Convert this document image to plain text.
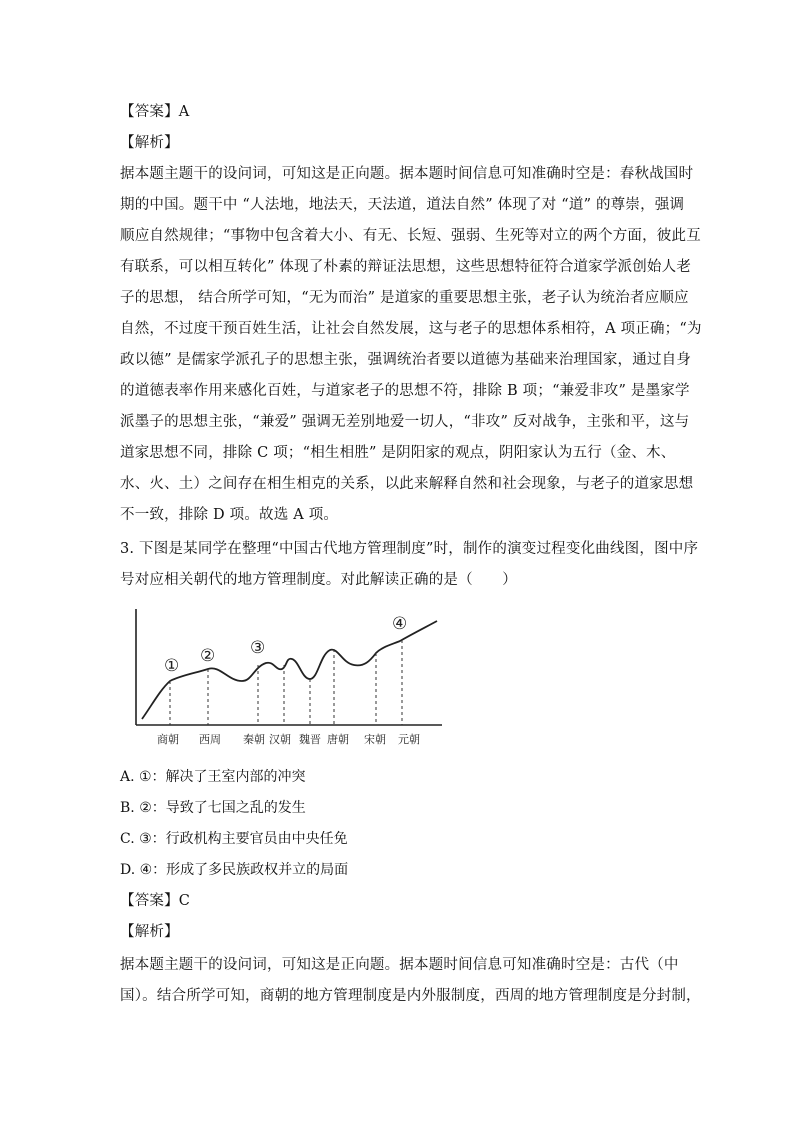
【答案】A
【解析】
据本题主题干的设问词，可知这是正向题。据本题时间信息可知准确时空是：春秋战国时
期的中国。题干中 “人法地，地法天，天法道，道法自然” 体现了对 “道” 的尊崇，强调
顺应自然规律；“事物中包含着大小、有无、长短、强弱、生死等对立的两个方面，彼此互
有联系，可以相互转化” 体现了朴素的辩证法思想，这些思想特征符合道家学派创始人老
子的思想， 结合所学可知，“无为而治” 是道家的重要思想主张，老子认为统治者应顺应
自然，不过度干预百姓生活，让社会自然发展，这与老子的思想体系相符，A 项正确；“为
政以德” 是儒家学派孔子的思想主张，强调统治者要以道德为基础来治理国家，通过自身
的道德表率作用来感化百姓，与道家老子的思想不符，排除 B 项；“兼爱非攻” 是墨家学
派墨子的思想主张，“兼爱” 强调无差别地爱一切人，“非攻” 反对战争，主张和平，这与
道家思想不同，排除 C 项；“相生相胜” 是阴阳家的观点，阴阳家认为五行（金、木、
水、火、土）之间存在相生相克的关系，以此来解释自然和社会现象，与老子的道家思想
不一致，排除 D 项。故选 A 项。
3. 下图是某同学在整理“中国古代地方管理制度”时，制作的演变过程变化曲线图，图中序
号对应相关朝代的地方管理制度。对此解读正确的是（　　）
① ② ③
④
商朝 西周 秦朝 汉朝 魏晋 唐朝 宋朝 元朝
A. ①：解决了王室内部的冲突
B. ②：导致了七国之乱的发生
C. ③：行政机构主要官员由中央任免
D. ④：形成了多民族政权并立的局面
【答案】C
【解析】
据本题主题干的设问词，可知这是正向题。据本题时间信息可知准确时空是：古代（中
国）。结合所学可知，商朝的地方管理制度是内外服制度，西周的地方管理制度是分封制，
